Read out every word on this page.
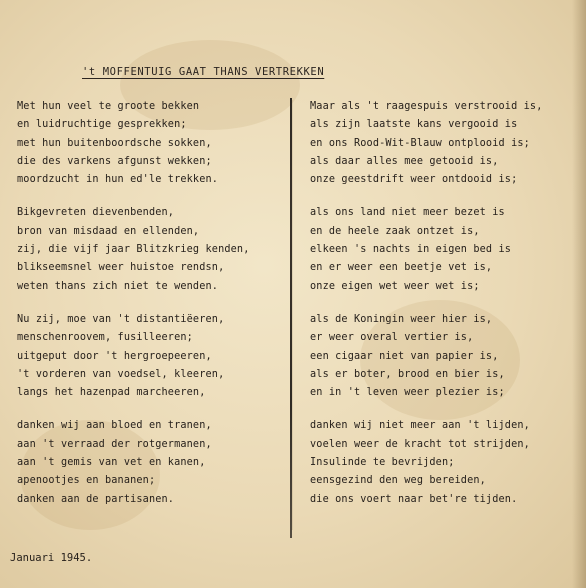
't MOFFENTUIG GAAT THANS VERTREKKEN
Met hun veel te groote bekken
en luidruchtige gesprekken;
met hun buitenboordsche sokken,
die des varkens afgunst wekken;
moordzucht in hun ed'le trekken.
Bikgevreten dievenbenden,
bron van misdaad en ellenden,
zij, die vijf jaar Blitzkrieg kenden,
blikseemsnel weer huistoe rendsn,
weten thans zich niet te wenden.
Nu zij, moe van 't distantiëeren,
menschenroovem, fusilleeren;
uitgeput door 't hergroepeeren,
't vorderen van voedsel, kleeren,
langs het hazenpad marcheeren,
danken wij aan bloed en tranen,
aan 't verraad der rotgermanen,
aan 't gemis van vet en kanen,
apenootjes en bananen;
danken aan de partisanen.
Maar als 't raagespuis verstrooid is,
als zijn laatste kans vergooid is
en ons Rood-Wit-Blauw ontplooid is;
als daar alles mee getooid is,
onze geestdrift weer ontdooid is;
als ons land niet meer bezet is
en de heele zaak ontzet is,
elkeen 's nachts in eigen bed is
en er weer een beetje vet is,
onze eigen wet weer wet is;
als de Koningin weer hier is,
er weer overal vertier is,
een cigaar niet van papier is,
als er boter, brood en bier is,
en in 't leven weer plezier is;
danken wij niet meer aan 't lijden,
voelen weer de kracht tot strijden,
Insulinde te bevrijden;
eensgezind den weg bereiden,
die ons voert naar bet're tijden.
Januari 1945.
